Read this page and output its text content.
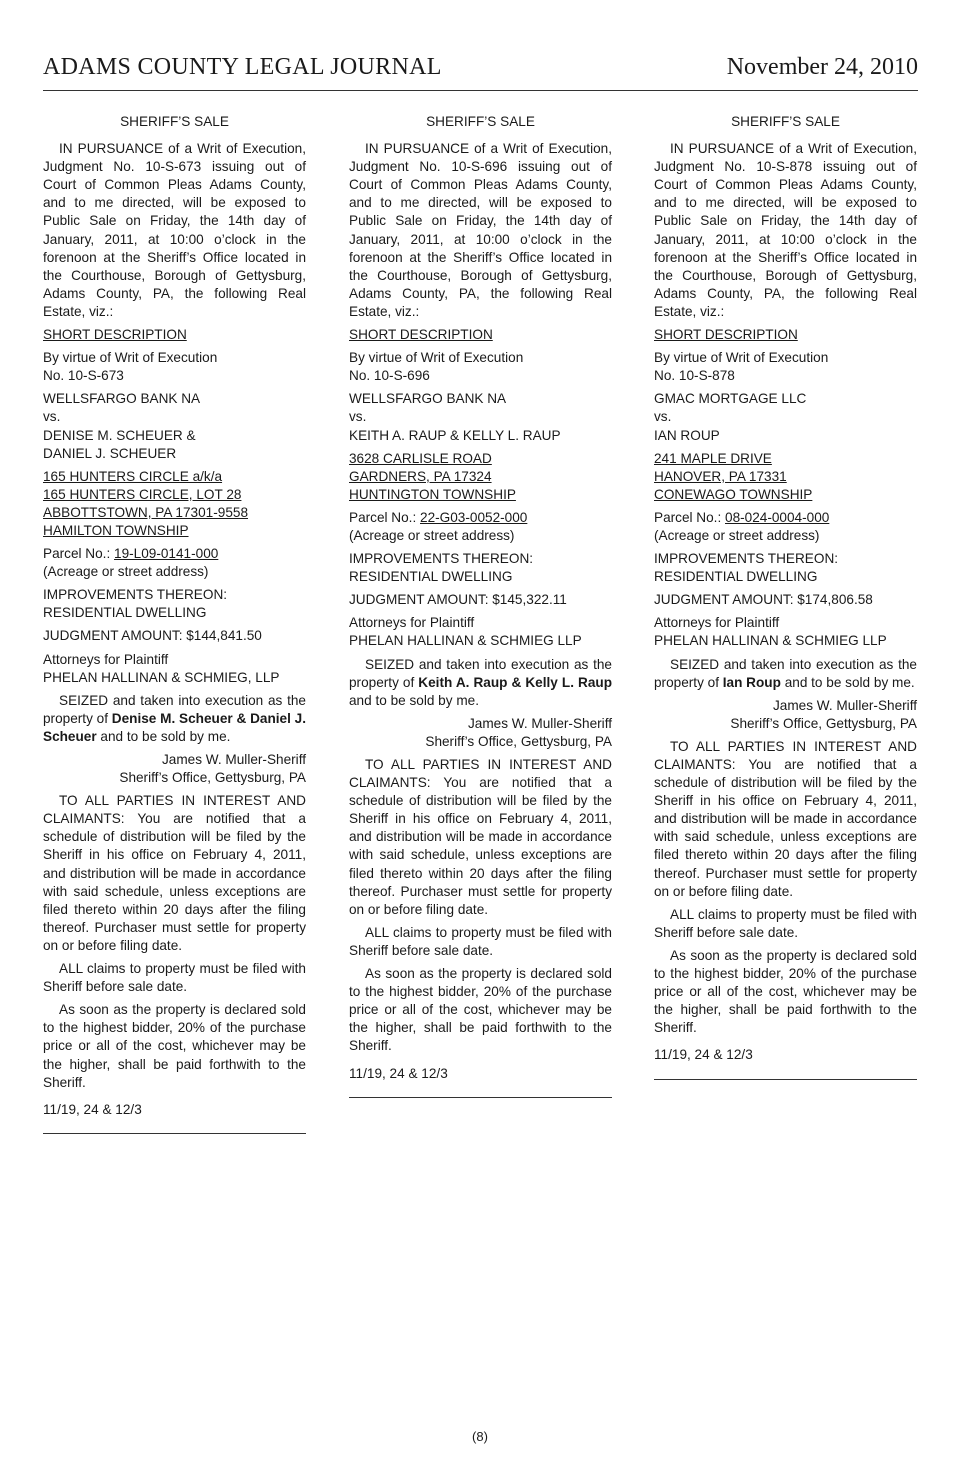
ADAMS COUNTY LEGAL JOURNAL	November 24, 2010

SHERIFF’S SALE

IN PURSUANCE of a Writ of Execution, Judgment No. 10-S-673 issuing out of Court of Common Pleas Adams County, and to me directed, will be exposed to Public Sale on Friday, the 14th day of January, 2011, at 10:00 o’clock in the forenoon at the Sheriff’s Office located in the Courthouse, Borough of Gettysburg, Adams County, PA, the following Real Estate, viz.:

SHORT DESCRIPTION

By virtue of Writ of Execution
No. 10-S-673

WELLSFARGO BANK NA
vs.
DENISE M. SCHEUER &
DANIEL J. SCHEUER

165 HUNTERS CIRCLE a/k/a
165 HUNTERS CIRCLE, LOT 28
ABBOTTSTOWN, PA 17301-9558
HAMILTON TOWNSHIP

Parcel No.: 19-L09-0141-000
(Acreage or street address)

IMPROVEMENTS THEREON:
RESIDENTIAL DWELLING

JUDGMENT AMOUNT: $144,841.50

Attorneys for Plaintiff
PHELAN HALLINAN & SCHMIEG, LLP

SEIZED and taken into execution as the property of Denise M. Scheuer & Daniel J. Scheuer and to be sold by me.

James W. Muller-Sheriff
Sheriff’s Office, Gettysburg, PA

TO ALL PARTIES IN INTEREST AND CLAIMANTS: You are notified that a schedule of distribution will be filed by the Sheriff in his office on February 4, 2011, and distribution will be made in accordance with said schedule, unless exceptions are filed thereto within 20 days after the filing thereof. Purchaser must settle for property on or before filing date.

ALL claims to property must be filed with Sheriff before sale date.

As soon as the property is declared sold to the highest bidder, 20% of the purchase price or all of the cost, whichever may be the higher, shall be paid forthwith to the Sheriff.

11/19, 24 & 12/3

SHERIFF’S SALE

IN PURSUANCE of a Writ of Execution, Judgment No. 10-S-696 issuing out of Court of Common Pleas Adams County, and to me directed, will be exposed to Public Sale on Friday, the 14th day of January, 2011, at 10:00 o’clock in the forenoon at the Sheriff’s Office located in the Courthouse, Borough of Gettysburg, Adams County, PA, the following Real Estate, viz.:

SHORT DESCRIPTION

By virtue of Writ of Execution
No. 10-S-696

WELLSFARGO BANK NA
vs.
KEITH A. RAUP & KELLY L. RAUP

3628 CARLISLE ROAD
GARDNERS, PA 17324
HUNTINGTON TOWNSHIP

Parcel No.: 22-G03-0052-000
(Acreage or street address)

IMPROVEMENTS THEREON:
RESIDENTIAL DWELLING

JUDGMENT AMOUNT: $145,322.11

Attorneys for Plaintiff
PHELAN HALLINAN & SCHMIEG LLP

SEIZED and taken into execution as the property of Keith A. Raup & Kelly L. Raup and to be sold by me.

James W. Muller-Sheriff
Sheriff’s Office, Gettysburg, PA

TO ALL PARTIES IN INTEREST AND CLAIMANTS: You are notified that a schedule of distribution will be filed by the Sheriff in his office on February 4, 2011, and distribution will be made in accordance with said schedule, unless exceptions are filed thereto within 20 days after the filing thereof. Purchaser must settle for property on or before filing date.

ALL claims to property must be filed with Sheriff before sale date.

As soon as the property is declared sold to the highest bidder, 20% of the purchase price or all of the cost, whichever may be the higher, shall be paid forthwith to the Sheriff.

11/19, 24 & 12/3

SHERIFF’S SALE

IN PURSUANCE of a Writ of Execution, Judgment No. 10-S-878 issuing out of Court of Common Pleas Adams County, and to me directed, will be exposed to Public Sale on Friday, the 14th day of January, 2011, at 10:00 o’clock in the forenoon at the Sheriff’s Office located in the Courthouse, Borough of Gettysburg, Adams County, PA, the following Real Estate, viz.:

SHORT DESCRIPTION

By virtue of Writ of Execution
No. 10-S-878

GMAC MORTGAGE LLC
vs.
IAN ROUP

241 MAPLE DRIVE
HANOVER, PA 17331
CONEWAGO TOWNSHIP

Parcel No.: 08-024-0004-000
(Acreage or street address)

IMPROVEMENTS THEREON:
RESIDENTIAL DWELLING

JUDGMENT AMOUNT: $174,806.58

Attorneys for Plaintiff
PHELAN HALLINAN & SCHMIEG LLP

SEIZED and taken into execution as the property of Ian Roup and to be sold by me.

James W. Muller-Sheriff
Sheriff’s Office, Gettysburg, PA

TO ALL PARTIES IN INTEREST AND CLAIMANTS: You are notified that a schedule of distribution will be filed by the Sheriff in his office on February 4, 2011, and distribution will be made in accordance with said schedule, unless exceptions are filed thereto within 20 days after the filing thereof. Purchaser must settle for property on or before filing date.

ALL claims to property must be filed with Sheriff before sale date.

As soon as the property is declared sold to the highest bidder, 20% of the purchase price or all of the cost, whichever may be the higher, shall be paid forthwith to the Sheriff.

11/19, 24 & 12/3

(8)
